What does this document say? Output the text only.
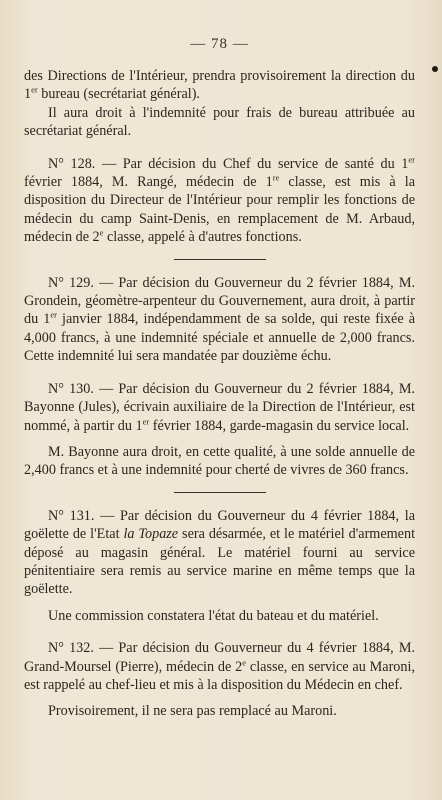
— 78 —

des Directions de l'Intérieur, prendra provisoirement la direction du 1er bureau (secrétariat général).

Il aura droit à l'indemnité pour frais de bureau attribuée au secrétariat général.

N° 128. — Par décision du Chef du service de santé du 1er février 1884, M. Rangé, médecin de 1re classe, est mis à la disposition du Directeur de l'Intérieur pour remplir les fonctions de médecin du camp Saint-Denis, en remplacement de M. Arbaud, médecin de 2e classe, appelé à d'autres fonctions.

N° 129. — Par décision du Gouverneur du 2 février 1884, M. Grondein, géomètre-arpenteur du Gouvernement, aura droit, à partir du 1er janvier 1884, indépendamment de sa solde, qui reste fixée à 4,000 francs, à une indemnité spéciale et annuelle de 2,000 francs. Cette indemnité lui sera mandatée par douzième échu.

N° 130. — Par décision du Gouverneur du 2 février 1884, M. Bayonne (Jules), écrivain auxiliaire de la Direction de l'Intérieur, est nommé, à partir du 1er février 1884, garde-magasin du service local.

M. Bayonne aura droit, en cette qualité, à une solde annuelle de 2,400 francs et à une indemnité pour cherté de vivres de 360 francs.

N° 131. — Par décision du Gouverneur du 4 février 1884, la goëlette de l'Etat la Topaze sera désarmée, et le matériel d'armement déposé au magasin général. Le matériel fourni au service pénitentiaire sera remis au service marine en même temps que la goëlette.

Une commission constatera l'état du bateau et du matériel.

N° 132. — Par décision du Gouverneur du 4 février 1884, M. Grand-Moursel (Pierre), médecin de 2e classe, en service au Maroni, est rappelé au chef-lieu et mis à la disposition du Médecin en chef.

Provisoirement, il ne sera pas remplacé au Maroni.
